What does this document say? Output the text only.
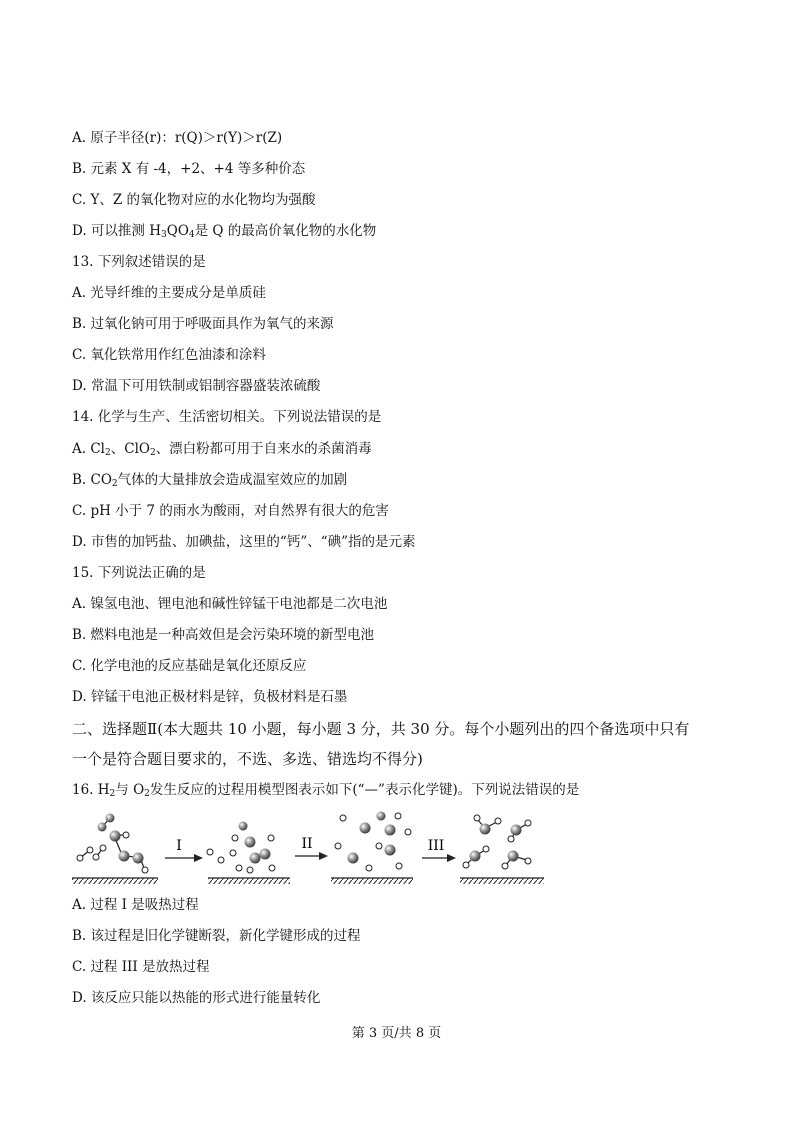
A. 原子半径(r)：r(Q)＞r(Y)＞r(Z)
B. 元素 X 有 -4，+2、+4 等多种价态
C. Y、Z 的氧化物对应的水化物均为强酸
D. 可以推测 $H_3QO_4$是 Q 的最高价氧化物的水化物
13. 下列叙述错误的是
A. 光导纤维的主要成分是单质硅
B. 过氧化钠可用于呼吸面具作为氧气的来源
C. 氧化铁常用作红色油漆和涂料
D. 常温下可用铁制或铝制容器盛装浓硫酸
14. 化学与生产、生活密切相关。下列说法错误的是
A. $Cl_2$、ClO$_2$、漂白粉都可用于自来水的杀菌消毒
B. $CO_2$气体的大量排放会造成温室效应的加剧
C. pH 小于 7 的雨水为酸雨，对自然界有很大的危害
D. 市售的加钙盐、加碘盐，这里的“钙”、“碘”指的是元素
15. 下列说法正确的是
A. 镍氢电池、锂电池和碱性锌锰干电池都是二次电池
B. 燃料电池是一种高效但是会污染环境的新型电池
C. 化学电池的反应基础是氧化还原反应
D. 锌锰干电池正极材料是锌，负极材料是石墨
二、选择题Ⅱ(本大题共 10 小题，每小题 3 分，共 30 分。每个小题列出的四个备选项中只有
一个是符合题目要求的，不选、多选、错选均不得分)
16. $H_2$与 $O_2$发生反应的过程用模型图表示如下(“—”表示化学键)。下列说法错误的是
I	II	III
A. 过程 I 是吸热过程
B. 该过程是旧化学键断裂，新化学键形成的过程
C. 过程 III 是放热过程
D. 该反应只能以热能的形式进行能量转化
第 3 页/共 8 页
